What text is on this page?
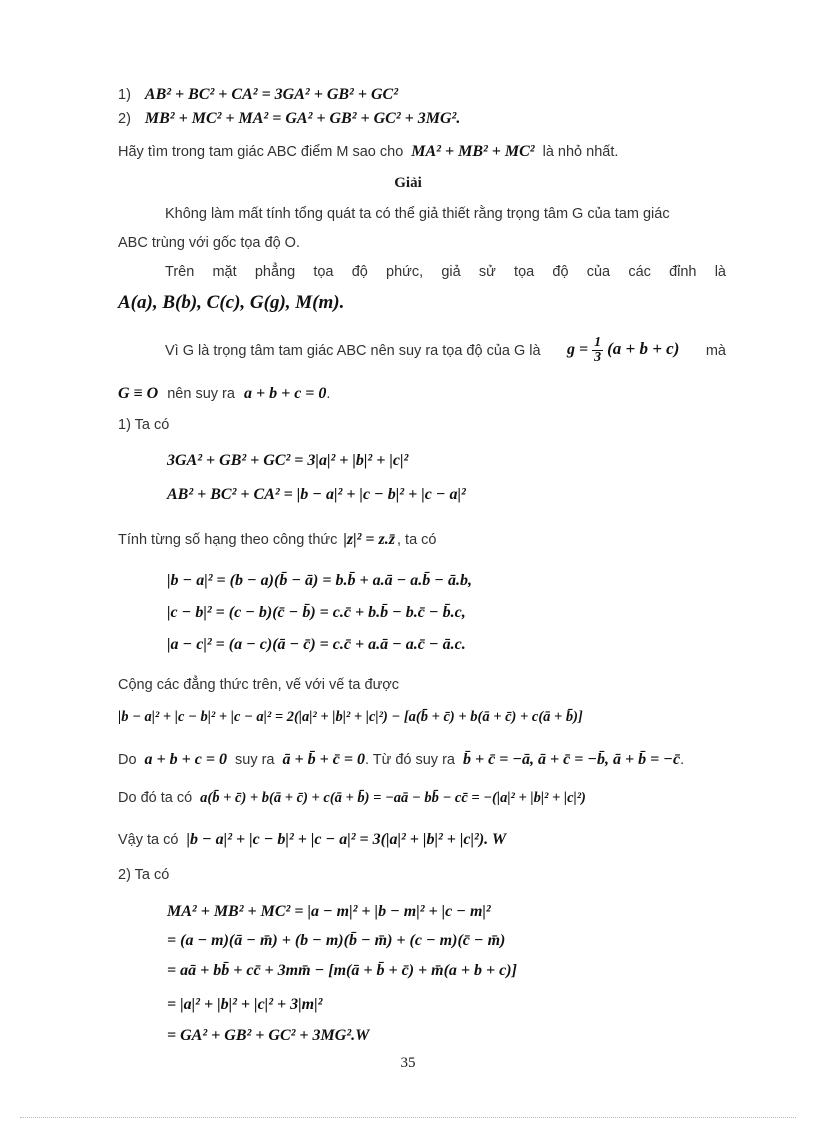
1) AB² + BC² + CA² = 3GA² + GB² + GC²
2) MB² + MC² + MA² = GA² + GB² + GC² + 3MG².
Hãy tìm trong tam giác ABC điểm M sao cho MA² + MB² + MC² là nhỏ nhất.
Giải
Không làm mất tính tổng quát ta có thể giả thiết rằng trọng tâm G của tam giác
ABC trùng với gốc tọa độ O.
Trên mặt phẳng tọa độ phức, giả sử tọa độ của các đỉnh là
A(a), B(b), C(c), G(g), M(m).
Vì G là trọng tâm tam giác ABC nên suy ra tọa độ của G là $g = \frac{1}{3} (a + b + c)$ mà
G ≡ O nên suy ra a + b + c = 0.
1) Ta có
3GA² + GB² + GC² = 3|a|² + |b|² + |c|²
AB² + BC² + CA² = |b − a|² + |c − b|² + |c − a|²
Tính từng số hạng theo công thức |z|² = z.z̄ , ta có
|b − a|² = (b − a)(b̄ − ā) = b.b̄ + a.ā − a.b̄ − ā.b,
|c − b|² = (c − b)(c̄ − b̄) = c.c̄ + b.b̄ − b.c̄ − b̄.c,
|a − c|² = (a − c)(ā − c̄) = c.c̄ + a.ā − a.c̄ − ā.c.
Cộng các đẳng thức trên, vế với vế ta được
|b − a|² + |c − b|² + |c − a|² = 2(|a|² + |b|² + |c|²) − [a(b̄ + c̄) + b(ā + c̄) + c(ā + b̄)]
Do a + b + c = 0 suy ra ā + b̄ + c̄ = 0. Từ đó suy ra b̄ + c̄ = −ā, ā + c̄ = −b̄, ā + b̄ = −c̄.
Do đó ta có a(b̄ + c̄) + b(ā + c̄) + c(ā + b̄) = −aā − bb̄ − cc̄ = −(|a|² + |b|² + |c|²)
Vậy ta có |b − a|² + |c − b|² + |c − a|² = 3(|a|² + |b|² + |c|²). W
2) Ta có
MA² + MB² + MC² = |a − m|² + |b − m|² + |c − m|²
= (a − m)(ā − m̄) + (b − m)(b̄ − m̄) + (c − m)(c̄ − m̄)
= aā + bb̄ + cc̄ + 3mm̄ − [m(ā + b̄ + c̄) + m̄(a + b + c)]
= |a|² + |b|² + |c|² + 3|m|²
= GA² + GB² + GC² + 3MG².W
35
